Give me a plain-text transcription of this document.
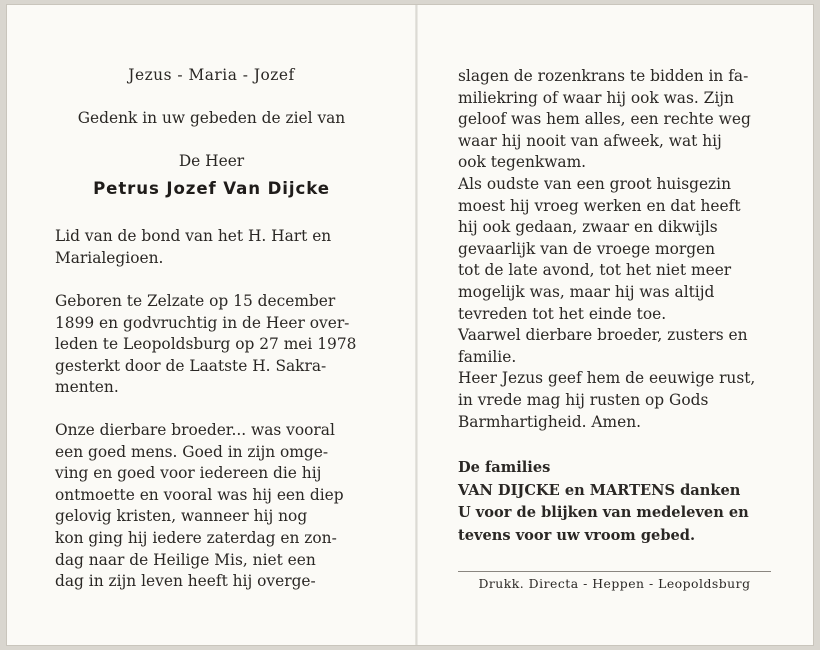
Jezus - Maria - Jozef
Gedenk in uw gebeden de ziel van
De Heer
Petrus Jozef Van Dijcke

Lid van de bond van het H. Hart en

Marialegioen.

Geboren te Zelzate op 15 december

1899 en godvruchtig in de Heer over-

leden te Leopoldsburg op 27 mei 1978

gesterkt door de Laatste H. Sakra-

menten.

Onze dierbare broeder... was vooral

een goed mens. Goed in zijn omge-

ving en goed voor iedereen die hij

ontmoette en vooral was hij een diep

gelovig kristen, wanneer hij nog

kon ging hij iedere zaterdag en zon-

dag naar de Heilige Mis, niet een

dag in zijn leven heeft hij overge-

slagen de rozenkrans te bidden in fa-

miliekring of waar hij ook was. Zijn

geloof was hem alles, een rechte weg

waar hij nooit van afweek, wat hij

ook tegenkwam.

Als oudste van een groot huisgezin

moest hij vroeg werken en dat heeft

hij ook gedaan, zwaar en dikwijls

gevaarlijk van de vroege morgen

tot de late avond, tot het niet meer

mogelijk was, maar hij was altijd

tevreden tot het einde toe.

Vaarwel dierbare broeder, zusters en

familie.

Heer Jezus geef hem de eeuwige rust,

in vrede mag hij rusten op Gods

Barmhartigheid. Amen.

De families

VAN DIJCKE en MARTENS danken

U voor de blijken van medeleven en

tevens voor uw vroom gebed.

Drukk. Directa - Heppen - Leopoldsburg
